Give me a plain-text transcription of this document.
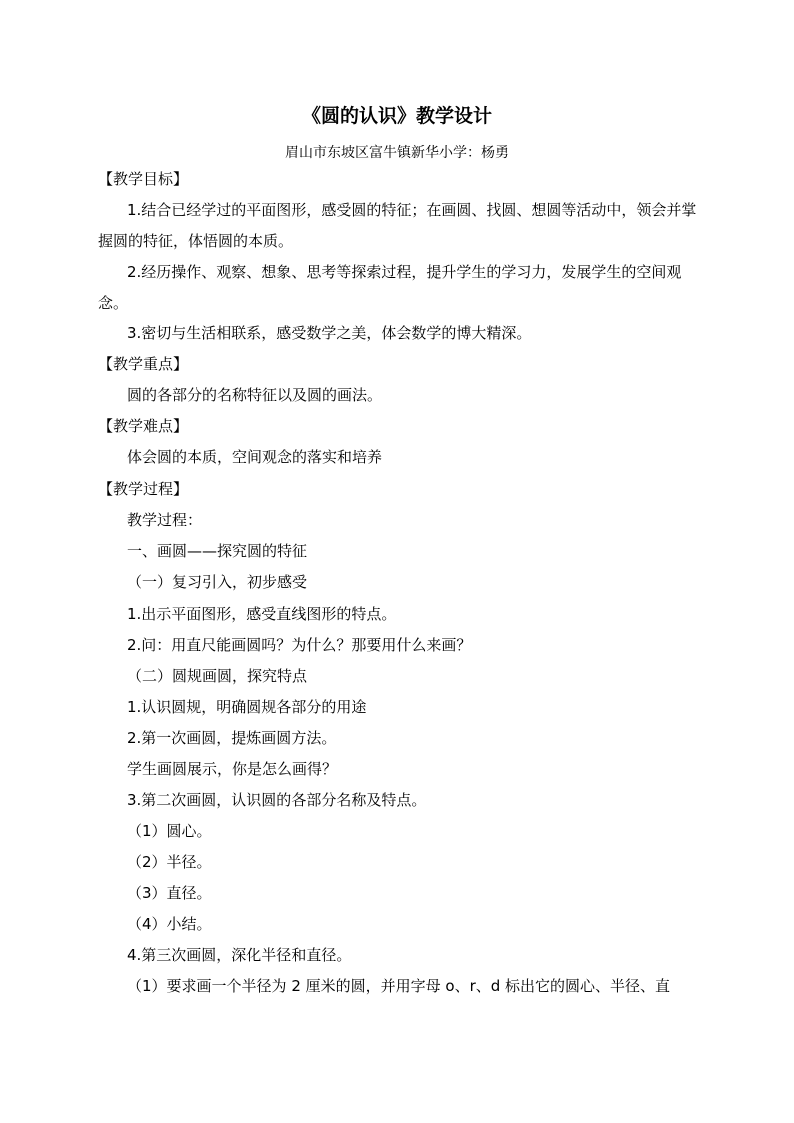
《圆的认识》教学设计
眉山市东坡区富牛镇新华小学：杨勇
【教学目标】
1.结合已经学过的平面图形，感受圆的特征；在画圆、找圆、想圆等活动中，领会并掌握圆的特征，体悟圆的本质。
2.经历操作、观察、想象、思考等探索过程，提升学生的学习力，发展学生的空间观念。
3.密切与生活相联系，感受数学之美，体会数学的博大精深。
【教学重点】
圆的各部分的名称特征以及圆的画法。
【教学难点】
体会圆的本质，空间观念的落实和培养
【教学过程】
教学过程：
一、画圆——探究圆的特征
（一）复习引入，初步感受
1.出示平面图形，感受直线图形的特点。
2.问：用直尺能画圆吗？为什么？那要用什么来画？
（二）圆规画圆，探究特点
1.认识圆规，明确圆规各部分的用途
2.第一次画圆，提炼画圆方法。
学生画圆展示，你是怎么画得？
3.第二次画圆，认识圆的各部分名称及特点。
（1）圆心。
（2）半径。
（3）直径。
（4）小结。
4.第三次画圆，深化半径和直径。
（1）要求画一个半径为 2 厘米的圆，并用字母 o、r、d 标出它的圆心、半径、直
